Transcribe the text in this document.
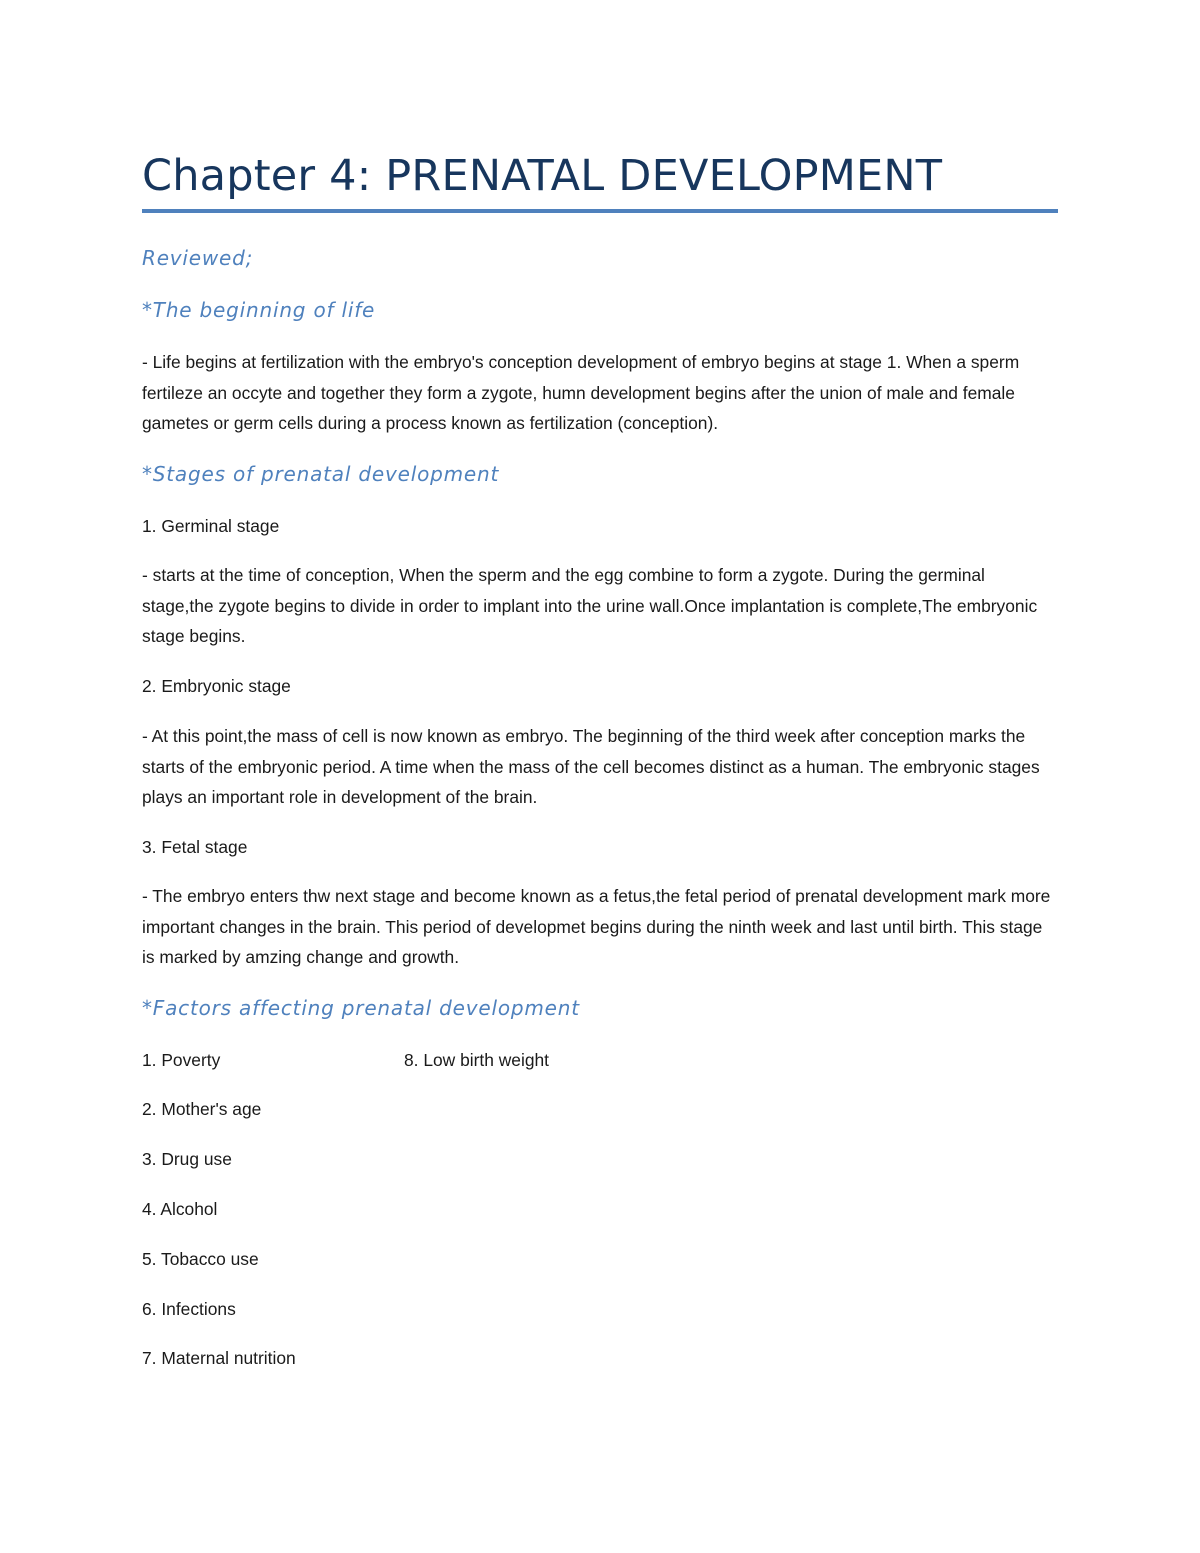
Chapter 4: PRENATAL DEVELOPMENT
Reviewed;
*The beginning of life
- Life begins at fertilization with the embryo's conception development of embryo begins at stage 1. When a sperm fertileze an occyte and together they form a zygote, humn development begins after the union of male and female gametes or germ cells during a process known as fertilization (conception).
*Stages of prenatal development
1. Germinal stage
- starts at the time of conception, When the sperm and the egg combine to form a zygote. During the germinal stage,the zygote begins to divide in order to implant into the urine wall.Once implantation is complete,The embryonic stage begins.
2. Embryonic stage
- At this point,the mass of cell is now known as embryo. The beginning of the third week after conception marks the starts of the embryonic period. A time when the mass of the cell becomes distinct as a human. The embryonic stages plays an important role in development of the brain.
3. Fetal stage
- The embryo enters thw next stage and become known as a fetus,the fetal period of prenatal development mark more important changes in the brain. This period of developmet begins during the ninth week and last until birth. This stage is marked by amzing change and growth.
*Factors affecting prenatal development
1. Poverty
2. Mother's age
3. Drug use
4. Alcohol
5. Tobacco use
6. Infections
7. Maternal nutrition
8. Low birth weight
